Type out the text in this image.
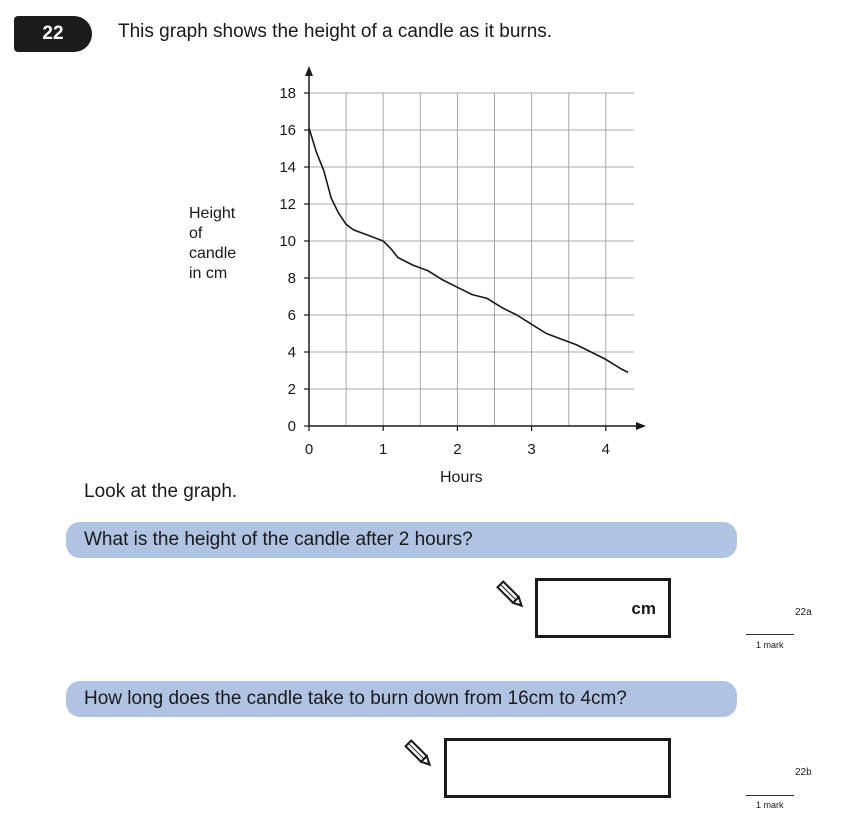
22	This graph shows the height of a candle as it burns.
0
2
4
6
8
10
12
14
16
18
0	1	2	3	4
Height
of
candle
in cm
Hours
Look at the graph.
What is the height of the candle after 2 hours?
cm	22a
1 mark
How long does the candle take to burn down from 16cm to 4cm?
22b
1 mark
